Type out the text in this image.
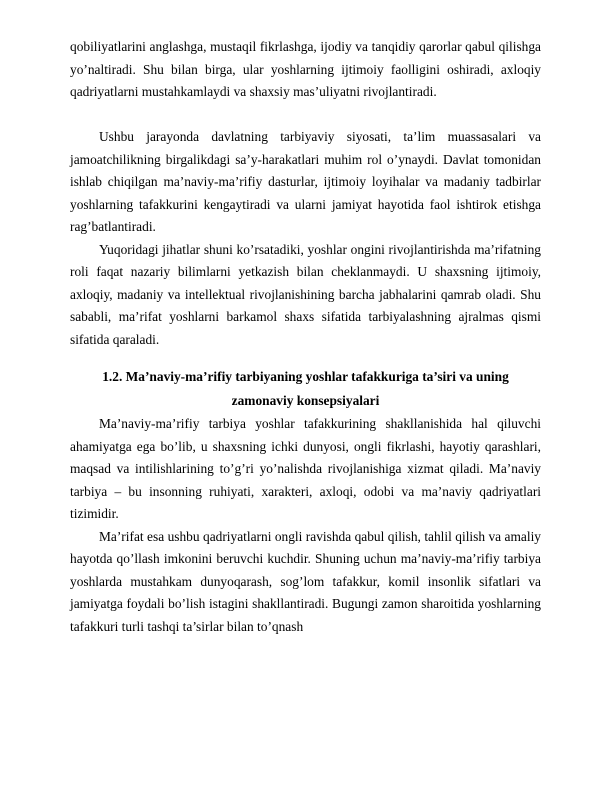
qobiliyatlarini anglashga, mustaqil fikrlashga, ijodiy va tanqidiy qarorlar qabul qilishga yo’naltiradi. Shu bilan birga, ular yoshlarning ijtimoiy faolligini oshiradi, axloqiy qadriyatlarni mustahkamlaydi va shaxsiy mas’uliyatni rivojlantiradi.

Ushbu jarayonda davlatning tarbiyaviy siyosati, ta’lim muassasalari va jamoatchilikning birgalikdagi sa’y-harakatlari muhim rol o’ynaydi. Davlat tomonidan ishlab chiqilgan ma’naviy-ma’rifiy dasturlar, ijtimoiy loyihalar va madaniy tadbirlar yoshlarning tafakkurini kengaytiradi va ularni jamiyat hayotida faol ishtirok etishga rag’batlantiradi.

Yuqoridagi jihatlar shuni ko’rsatadiki, yoshlar ongini rivojlantirishda ma’rifatning roli faqat nazariy bilimlarni yetkazish bilan cheklanmaydi. U shaxsning ijtimoiy, axloqiy, madaniy va intellektual rivojlanishining barcha jabhalarini qamrab oladi. Shu sababli, ma’rifat yoshlarni barkamol shaxs sifatida tarbiyalashning ajralmas qismi sifatida qaraladi.

1.2. Ma’naviy-ma’rifiy tarbiyaning yoshlar tafakkuriga ta’siri va uning
zamonaviy konsepsiyalari

Ma’naviy-ma’rifiy tarbiya yoshlar tafakkurining shakllanishida hal qiluvchi ahamiyatga ega bo’lib, u shaxsning ichki dunyosi, ongli fikrlashi, hayotiy qarashlari, maqsad va intilishlarining to’g’ri yo’nalishda rivojlanishiga xizmat qiladi. Ma’naviy tarbiya – bu insonning ruhiyati, xarakteri, axloqi, odobi va ma’naviy qadriyatlari tizimidir.

Ma’rifat esa ushbu qadriyatlarni ongli ravishda qabul qilish, tahlil qilish va amaliy hayotda qo’llash imkonini beruvchi kuchdir. Shuning uchun ma’naviy-ma’rifiy tarbiya yoshlarda mustahkam dunyoqarash, sog’lom tafakkur, komil insonlik sifatlari va jamiyatga foydali bo’lish istagini shakllantiradi. Bugungi zamon sharoitida yoshlarning tafakkuri turli tashqi ta’sirlar bilan to’qnash
